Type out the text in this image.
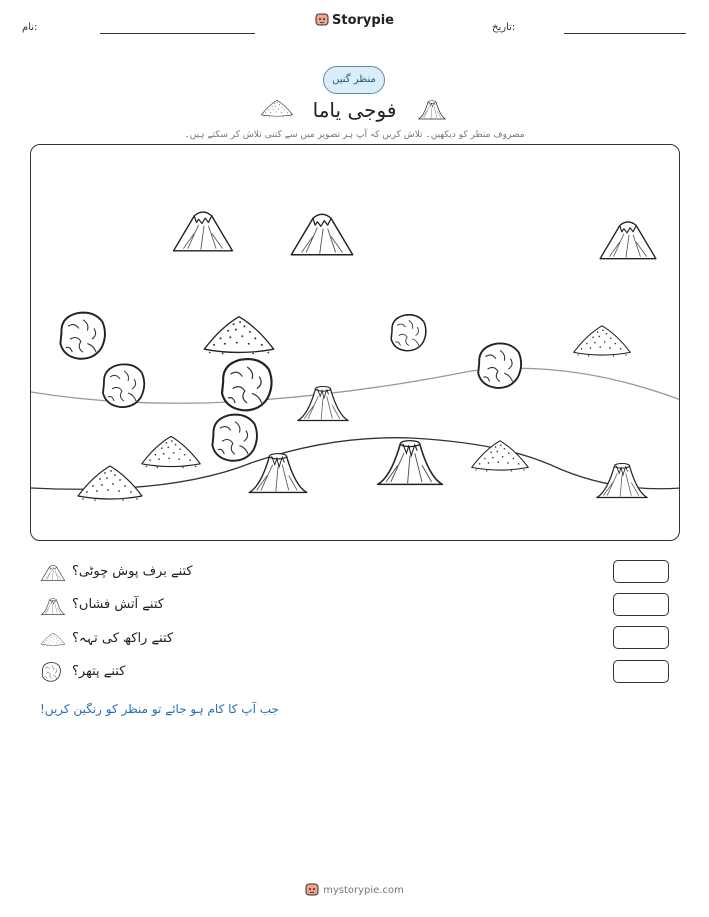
نام:	Storypie	تاریخ:
منظر گنیں
فوجی یاما
مصروف منظر کو دیکھیں۔ تلاش کریں کہ آپ ہر تصویر میں سے کتنی تلاش کر سکتے ہیں۔
کتنے برف پوش چوٹی؟
کتنے آتش فشاں؟
کتنے راکھ کی تہہ؟
کتنے پتھر؟
جب آپ کا کام ہو جائے تو منظر کو رنگین کریں!
mystorypie.com
